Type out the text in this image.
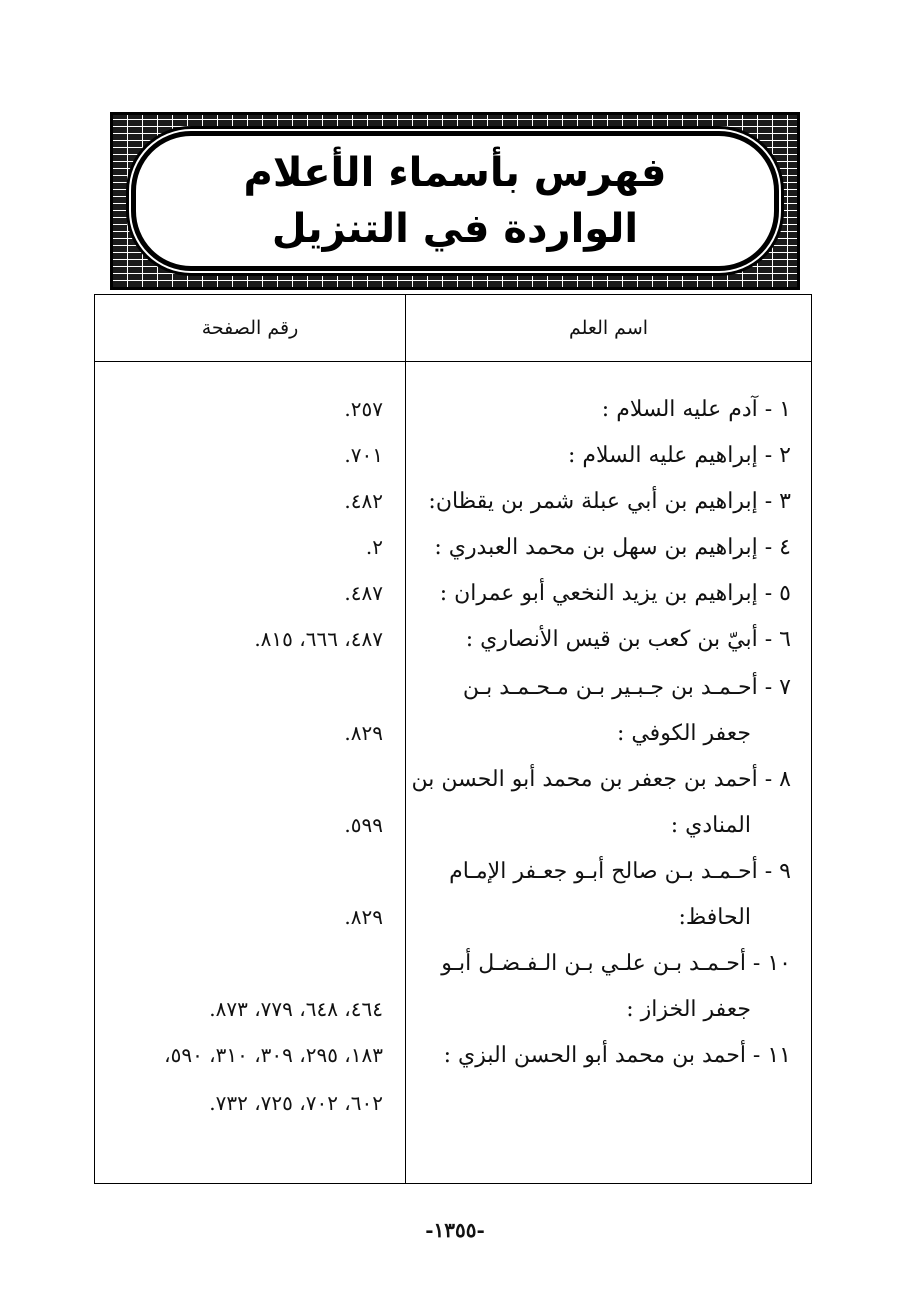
فهرس بأسماء الأعلام
الواردة في التنزيل
اسم العلم
رقم الصفحة
١ - آدم عليه السلام :
٢٥٧.
٢ - إبراهيم عليه السلام :
٧٠١.
٣ - إبراهيم بن أبي عبلة شمر بن يقظان:
٤٨٢.
٤ - إبراهيم بن سهل بن محمد العبدري :
٢.
٥ - إبراهيم بن يزيد النخعي أبو عمران :
٤٨٧.
٦ - أبيّ بن كعب بن قيس الأنصاري :
٤٨٧، ٦٦٦، ٨١٥.
٧ - أحـمـد بن جـبـير بـن مـحـمـد بـن
جعفر الكوفي :
٨٢٩.
٨ - أحمد بن جعفر بن محمد أبو الحسن بن
المنادي :
٥٩٩.
٩ - أحـمـد بـن صالح أبـو جعـفر الإمـام
الحافظ:
٨٢٩.
١٠ - أحـمـد بـن علـي بـن الـفـضـل أبـو
جعفر الخزاز :
٤٦٤، ٦٤٨، ٧٧٩، ٨٧٣.
١١ - أحمد بن محمد أبو الحسن البزي :
١٨٣، ٢٩٥، ٣٠٩، ٣١٠، ٥٩٠،
٦٠٢، ٧٠٢، ٧٢٥، ٧٣٢.
-١٣٥٥-
